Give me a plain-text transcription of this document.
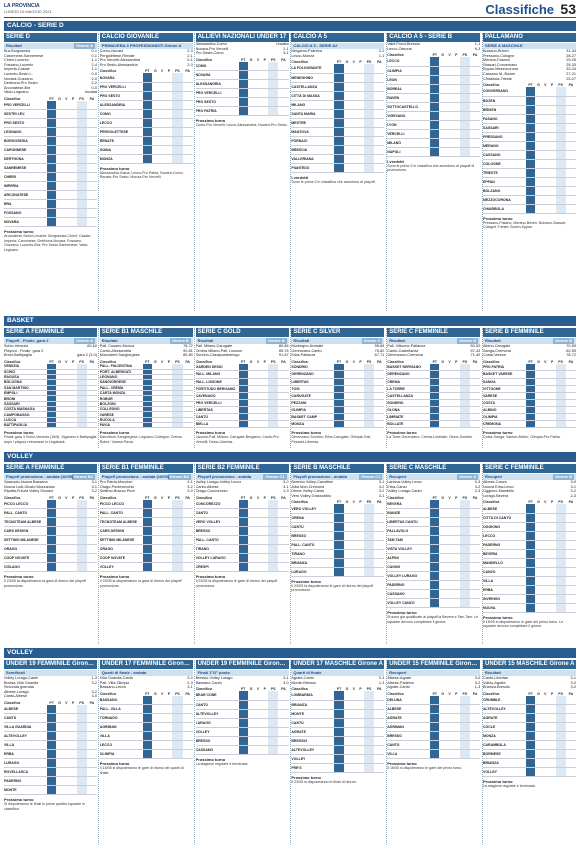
LA PROVINCIA
LUNEDÌ 10 MAGGIO 2021	Classifiche 53
CALCIO - SERIE D
SERIE D
Girone A
Risultati
Bra-Borgosesia	0-1
Caronnese-Sanremese	0-1
Chieri-Lucento	1-1
Fossano-Lucento	2-4
Imperia-Casale	1-1
Lucento-Sestri L.	0-0
Novara-Gozzano	2-0
Derthona-Pro Sesto	2-2
Arconatese-Bra	0-0
Vado-Legnano	rinviata
Classifica	PT	G	V	P	PS	PA
PRO VERCELLI						
SESTRI LEV.						
PRO SESTO						
LEGNANO						
BORGOSESIA						
CARONNESE						
DERTHONA						
SANREMESE						
CHIERI						
IMPERIA						
ARCONATESE						
BRA						
FOSSANO						
NOVARA						
Prossimo turno
Arconatese-Sestri Levante; Borgosesia-Chieri; Casale-Imperia; Caronnese; Derthona-Novara; Fossano-Gozzano; Lucento-Bra; Pro Sesto-Sanremese; Vado-Legnano.
CALCIO GIOVANILE
PRIMAVERA 3 PROFESSIONISTI Girone A
Como-Novara	2-3
Pergolettese-Renate	2-1
Pro Vercelli-Alessandria	0-1
Pro Sesto-Alessandria	2-0
Classifica	PT	G	V	P	PS	PA
NOVARA						
PRO VERCELLI						
PRO SESTO						
ALESSANDRIA						
COMO						
LECCO						
PERGOLETTESE						
RENATE						
GIANA						
MONZA						
Prossimo turno
Alessandria-Giana; Lecco-Pro Patria; Novara-Como; Renate-Pro Sesto; Monza-Pro Vercelli.
ALLIEVI NAZIONALI UNDER 17
Alessandria-Como	rinviata
Novara-Pro Vercelli	2-1
Pro Sesto-Como	3-1
Classifica	PT	G	V	P	PS	PA
COMO						
NOVARA						
ALESSANDRIA						
PRO VERCELLI						
PRO SESTO						
PRO PATRIA						
Prossimo turno
Como-Pro Vercelli; Lecco-Alessandria; Novara-Pro Sesto.
CALCIO A 5
CALCIO A 5 - SERIE A2
Bergamo-Palextra	2-2
Lecco-Monza	1-1
Classifica	PT	G	V	P	PS	PA
LA FOLGORANTE						
MENEGHINO						
CASTELLANZA						
CITTÀ DI MASSA						
MILANO						
SANTA MARIA						
MESTRE						
MANTOVA						
FORNACI						
BRESCIA						
VALLERIANA						
PIANTEDO						
I verdetti
Sono le prime 2 in classifica che accedono ai playoff.
CALCIO A 5 - SERIE B
Valdi Pozzi-Brescia	1-1
Lecco-Ossona	6-3
Classifica	PT	G	V	P	PS	PA
LECCO						
OLIMPIA						
LEON						
BOREAL						
RAVEN						
SOTTOCASTELLO						
VIGEVANO						
LYON						
VERCELLI						
MILANO						
NAPOLI						
I verdetti
Sono le prime 2 in classifica che accedono ai playoff di promozione.
PALLAMANO
SERIE A MASCHILE
Bolzano-Brixen	31-34
Pressano-Cologne	28-27
Merano-Fasano	29-25
Sassari-Conversano	25-33
Eppan-Mezzocorona	33-24
Cassano M.-Bozen	27-21
Chiarbola-Trieste	25-27
Classifica	PT	G	V	P	PS	PA
CONVERSANO						
BOZEN						
BRIXEN						
FASANO						
SASSARI						
PRESSANO						
MERANO						
CASSANO						
COLOGNE						
TRIESTE						
EPPAN						
BOLZANO						
MEZZOCORONA						
CHIARBOLA						
Prossimo turno
Pressano-Fasano; Merano-Brixen; Bolzano-Sassari; Cologne-Trieste; Bozen-Eppan.
BASKET
SERIE A FEMMINILE
Girone A
Playoff - Finale, gara 2
Schio-Venezia	60-62
Playout - Finale, gara 2
Broni-Battipaglia	gara 2 (3-0)
Classifica	PT	G	V	P	PS	PA
VENEZIA						
SCHIO						
RAGUSA						
BOLOGNA						
SAN MARTINO						
EMPOLI						
BRONI						
SASSARI						
COSTA MASNAGA						
CAMPOBASSO						
LUCCA						
BATTIPAGLIA						
Prossimo turno
Finale gara 3 Schio-Venezia (16/5). Vigarano e Battipaglia dopo i playout retrocesse in Legabask.
SERIE B1 MASCHILE
Girone B
Risultati
Pall. Cusano-Monza	78-72
Cantù-Alessandria	90-81
Moncalieri-Sangiorgese	85-80
Classifica	PT	G	V	P	PS	PA
PALL. PIACENTINA						
PORT. ALBERGATI						
LEGNANO						
SANGIORGESE						
PALL. CREMA						
CARTA MONZA						
ROBUR						
BOLZONI						
COLLEGNO						
VARESE						
RUCOLA						
PAVIA						
Prossimo turno
Sanvittore-Sangiorgese; Legnano-Collegno; Crema-Robur; Varese-Pavia.
SERIE C GOLD
Girone B
Risultati
Pall. Milano-Carugate	80-86
Ombra Milano-Pall. Lissone	85-76
Sondrio-Casalpusterlengo	91-87
Classifica	PT	G	V	P	PS	PA
GARDEN DESIO						
PALL. MILANO						
PALL. LISSONE						
FORTITUDO BERGAMO						
CAVENAGO						
PRO VERCELLI						
LIBERTAS						
CANTÙ						
BIELLA						
Prossimo turno
Lissone-Pall. Milano; Carugate-Bergamo; Cantù-Pro Vercelli; Desio-Libertas.
SERIE C SILVER
Girone C
Risultati
Morbegno-Arcisate	56-68
Gerenzano-Cantù	75-82
Erba-Pallanza	67-71
Classifica	PT	G	V	P	PS	PA
SONDRIO						
GERENZANO						
LIBERTAS						
TOSI						
CARUGATE						
PEZZANI						
OLIMPIA						
BASKET CAMP						
MONZA						
Prossimo turno
Gerenzano-Sondrio; Erba-Carugate; Olimpia-Tosi; Pezzani-Libertas.
SERIE C FEMMINILE
Girone B
Risultati
Pall. Vittuone-Pallanza	50-52
Cantù-Castellanza	57-43
Gerenzano-Cremona	71-40
Classifica	PT	G	V	P	PS	PA
BASKET NERVIANO						
GERENZANO						
CREMA						
LA TORRE						
CASTELLANZA						
SONDRIO						
OLONA						
LIMBIATE						
BOLLATE						
Prossimo turno
La Torre-Gerenzano; Crema-Limbiate; Olona-Sondrio.
SERIE B FEMMINILE
Girone B
Risultati
Albino-Carugate	70-59
Sanga-Cremona	62-55
Costa-Varese	78-72
Classifica	PT	G	V	P	PS	PA
PRO PATRIA						
BASKET VARESE						
SANGA						
VITTUONE						
VARESE						
COSTA						
ALBINO						
OLIMPIA						
CREMONA						
Prossimo turno
Costa-Sanga; Varese-Albino; Olimpia-Pro Patria.
VOLLEY
SERIE A FEMMINILE
Girone B1
Playoff promozione - andata (16/05)
Sassuolo-Nuova Bassano	3-1
Nuova Lodi-Giusto Mozzanica	3-1
Ripalta-Futura Volley Giovani	3-2
Classifica	PT	G	V	P	PS	PA
PICCO LECCO						
PALL. CANTÙ						
TECNOTEAM ALBESE						
CARS DESIGN						
SETTIMO MILANESE						
ORAGO						
COOP NOVATE						
CISLAGO						
Prossimo turno
Il 23/05 la disputeranno la gara di ritorno dei playoff promozione.
SERIE B1 FEMMINILE
Girone B2
Playoff promozione - andata (16/05)
Pro Patria-Mondovì	3-1
Orago-Pontevecchio	3-2
Settimo-Bracco Pizzi	3-0
Classifica	PT	G	V	P	PS	PA
PICCO LECCO						
PALL. CANTÙ						
TECNOTEAM ALBESE						
CARS DESIGN						
SETTIMO MILANESE						
ORAGO						
COOP NOVATE						
VOLLEY						
Prossimo turno
Il 23/05 la disputeranno la gara di ritorno dei playoff promozione.
SERIE B2 FEMMINILE
Girone C1
Playoff promozione - andata
Volley Lurago-Volley Lecco	3-0
Cantù-Albese	3-1
Orago-Concorezzo	1-3
Classifica	PT	G	V	P	PS	PA
CONCOREZZO						
CANTÙ						
VERO VOLLEY						
BRESSO						
PALL. CANTÙ						
TIRANO						
VOLLEY LURAGO						
CRESPI						
Prossimo turno
Il 23/05 la disputeranno le gare di ritorno dei playoff promozione.
SERIE B MASCHILE
Girone C1
Playoff promozione - andata
Brembo Volley-Canottieri	3-1
Alba Mori-Cremona	3-0
Dema Volley-Cantù	3-2
Vero Volley-Grassobbio	3-1
Classifica	PT	G	V	P	PS	PA
VERO VOLLEY						
ORENA						
CANTÙ						
BRESSO						
PALL. CANTÙ						
TIRANO						
BRIANZA						
LURAGO						
Prossimo turno
Il 23/05 la disputeranno le gare di ritorno dei playoff promozione.
SERIE C MASCHILE
Girone A
Recuperi
Lariana-Volley Lecco	0-3
Erba-Canzo	3-2
Volley Lurago-Cantù	2-3
Classifica	PT	G	V	P	PS	PA
BEVERA						
BIANZE						
LIBERTAS CANTÙ						
PALLAVOLO						
TAM TAM						
VISTA VOLLEY						
ALPINI						
CAGNO						
VOLLEY LURAGO						
PADERNO						
CASSANO						
VOLLEY CANZO						
Prossimo turno
Si sono già qualificate ai playoff la Bevera e Tam Tam. Le squadre devono completare il girone.
SERIE C FEMMINILE
Girone B
Recuperi
Albese-Canzo	3-0
Nuova Erba-Lecco	3-1
Oggiono-Mandello	3-2
Lurago-Bevera	2-3
Classifica	PT	G	V	P	PS	PA
ALBESE						
CITTÀ DI CANTÙ						
OGGIONO						
LECCO						
PADERNO						
BEVERA						
MANDELLO						
CANZO						
VILLA						
ERBA						
INVERIGO						
NUOVA						
Prossimo turno
Il 16/05 si disputeranno le gare del primo turno. Le squadre devono completare il girone.
VOLLEY
UNDER 19 FEMMINILE Girone A
Semifinali
Volley Lurago-Cantù	1-3
Bovisa-Villa Guardia	3-2
Seconda giornata
Albese-Lurago	3-2
Cantù-Albese	3-0
Classifica	PT	G	V	P	PS	PA
ALBESE						
CANTÙ						
VILLA GUARDIA						
ALTEVOLLEY						
VILLA						
ERBA						
LURAGO						
ROVELLASCA						
PADERNO						
MONTE						
Prossimo turno
Si disputeranno le finali le prime quattro squadre in classifica.
UNDER 17 FEMMINILE Girone B
Quarti di finale - andata
Villa Guardia-Cantù	3-0
Pall. Villa-Olimpia	2-3
Bassano-Lecco	3-1
Classifica	PT	G	V	P	PS	PA
BASSANO						
PALL. VILLA						
TORNAGO						
AGRIMAN						
VILLA						
LECCO						
OLIMPIA						
Prossimo turno
Il 16/05 si disputeranno le gare di ritorno dei quarti di finale.
UNDER 19 FEMMINILE Girone C
Finali 1°/2° posto
Bressio-Volley Lurago	3-1
Bassano-Cantù	3-0
Classifica	PT	G	V	P	PS	PA
BEAR CONE						
CANTÙ						
ALTEVOLLEY						
LURAGO						
VOLLEY						
BRESSO						
CASSANO						
Prossimo turno
La stagione regolare è terminata.
UNDER 17 MASCHILE Girone A
Quarti di finale
Agrate-Cantù	0-3
Monte-Bressio	1-3
Classifica	PT	G	V	P	PS	PA
LOMBARDIA						
BRIANZA						
MONTE						
CANTÙ						
AGRATE						
BRESSIO						
ALTEVOLLEY						
VOLLEY						
FRE'S						
Prossimo turno
Il 23/05 si disputeranno le finali di ritorno.
UNDER 15 FEMMINILE Girone A
Recuperi
Albese-Agrate	3-0
Albese-Paderno	3-2
Agrate-Cantù	1-3
Classifica	PT	G	V	P	PS	PA
DELUNA						
ALBESE						
AGRATE						
AGRIMAN						
BRESSO						
CANTÙ						
VILLA						
Prossimo turno
Il 16/05 si disputeranno le gare del primo turno.
UNDER 15 MASCHILE Girone A
Risultati
Cantù-Libertas	3-1
Volley-Agrate	3-0
Brianza-Bressio	3-2
Classifica	PT	G	V	P	PS	PA
CRUMBLE						
ALTEVOLLEY						
AGRATE						
COCLE						
MONZA						
CARAMBOLA						
BORMESE						
BRIANZA						
VOLLEY						
Prossimo turno
La stagione regolare è terminata.
